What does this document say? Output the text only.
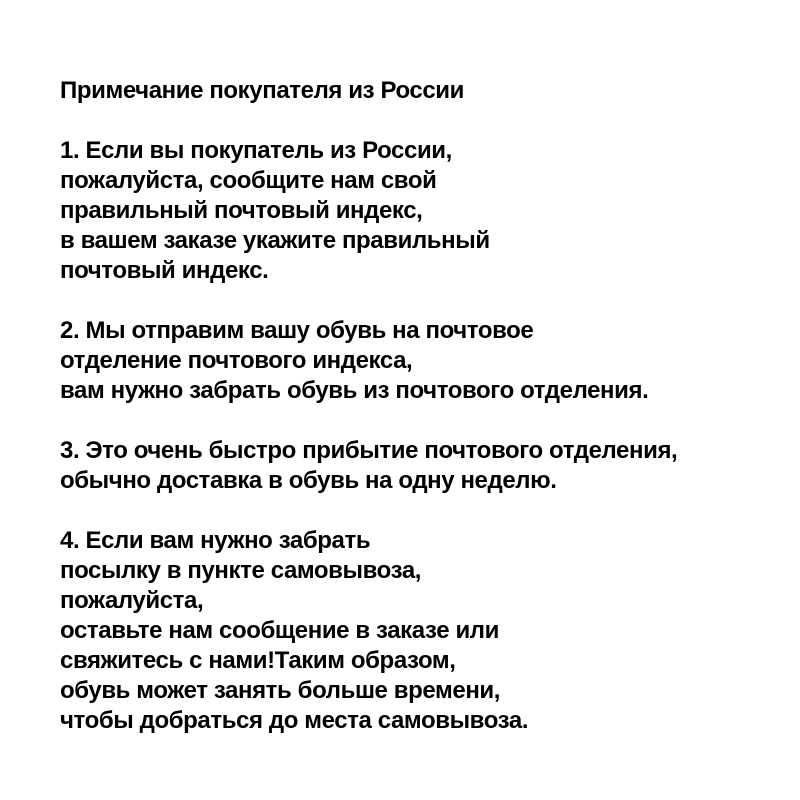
Примечание покупателя из России
1. Если вы покупатель из России,
пожалуйста, сообщите нам свой
правильный почтовый индекс,
в вашем заказе укажите правильный
почтовый индекс.
2. Мы отправим вашу обувь на почтовое
отделение почтового индекса,
вам нужно забрать обувь из почтового отделения.
3. Это очень быстро прибытие почтового отделения,
обычно доставка в обувь на одну неделю.
4. Если вам нужно забрать
посылку в пункте самовывоза,
пожалуйста,
оставьте нам сообщение в заказе или
свяжитесь с нами!Таким образом,
обувь может занять больше времени,
чтобы добраться до места самовывоза.
